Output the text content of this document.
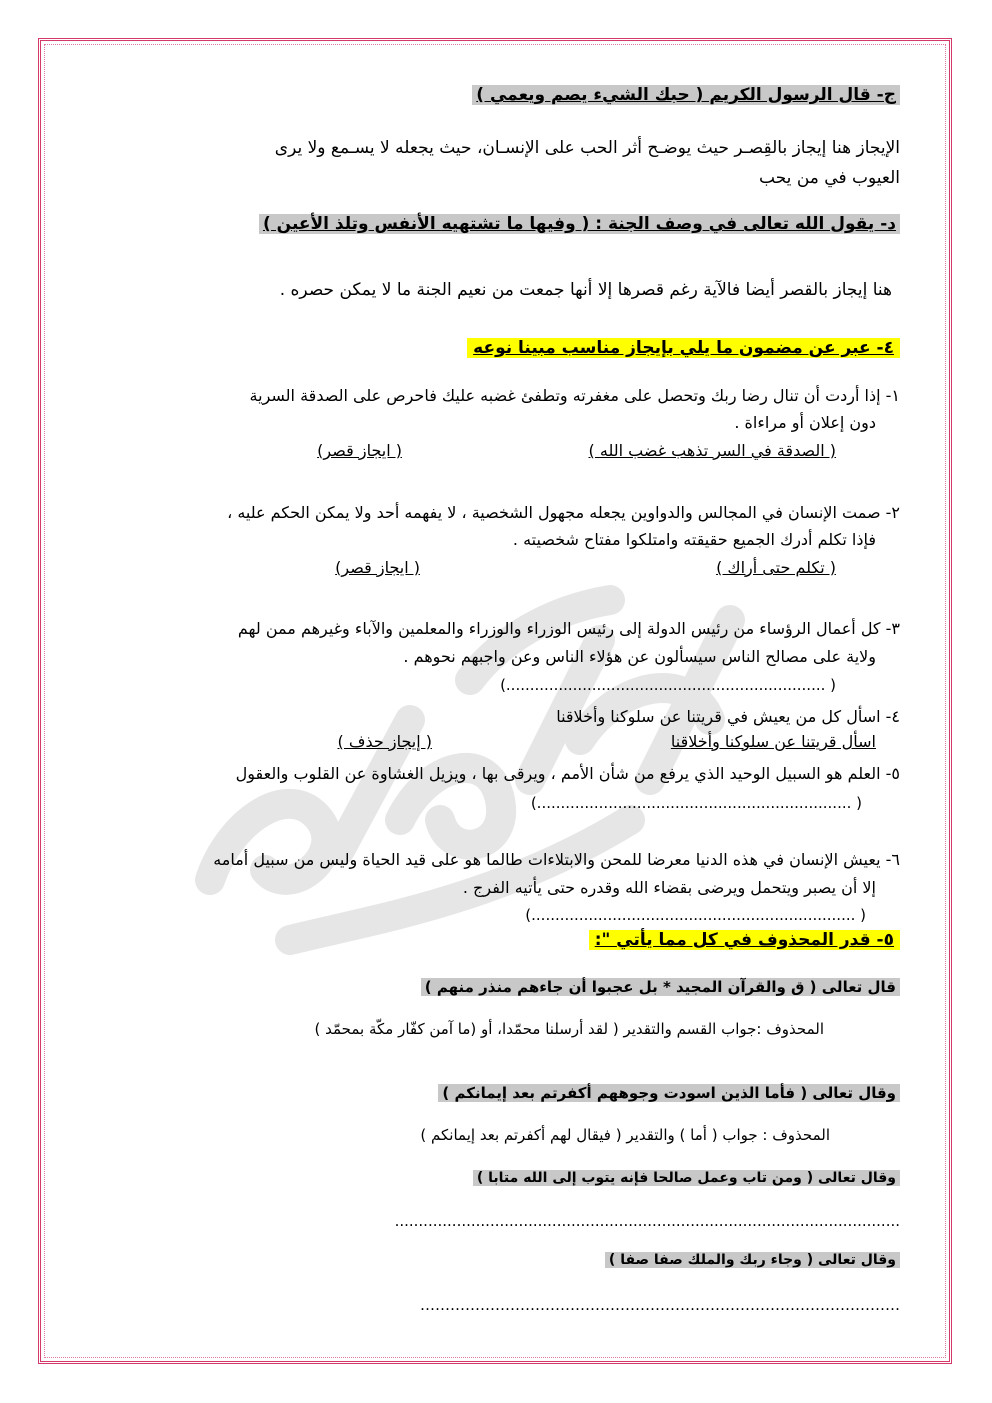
ج- قال الرسول الكريم ( حبك الشيء يصم ويعمي )
الإيجاز هنا إيجاز بالقِصـر حيث يوضـح أثر الحب على الإنسـان، حيث يجعله لا يسـمع ولا يرى
العيوب في من يحب
د- يقول الله تعالى في وصف الجنة : ( وفيها ما تشتهيه الأنفس وتلذ الأعين )
هنا إيجاز بالقصر أيضا فالآية رغم قصرها إلا أنها جمعت من نعيم الجنة ما لا يمكن حصره .
٤- عبر عن مضمون ما يلي بإيجاز مناسب مبينا نوعه
١- إذا أردت أن تنال رضا ربك وتحصل على مغفرته وتطفئ غضبه عليك فاحرص على الصدقة السرية
دون إعلان أو مراءاة .
( الصدقة في السر تذهب غضب الله )
( ايجاز قصر)
٢- صمت الإنسان في المجالس والدواوين يجعله مجهول الشخصية ، لا يفهمه أحد ولا يمكن الحكم عليه ،
فإذا تكلم أدرك الجميع حقيقته وامتلكوا مفتاح شخصيته .
( تكلم حتى أراك )
( ايجاز قصر)
٣- كل أعمال الرؤساء من رئيس الدولة إلى رئيس الوزراء والوزراء والمعلمين والآباء وغيرهم ممن لهم
ولاية على مصالح الناس سيسألون عن هؤلاء الناس وعن واجبهم نحوهم .
( ...................................................................)
٤- اسأل كل من يعيش في قريتنا عن سلوكنا وأخلاقنا
اسأل قريتنا عن سلوكنا وأخلاقنا
( إيجاز حذف )
٥- العلم هو السبيل الوحيد الذي يرفع من شأن الأمم ، ويرقى بها ، ويزيل الغشاوة عن القلوب والعقول
( ..................................................................)
٦- يعيش الإنسان في هذه الدنيا معرضا للمحن والابتلاءات طالما هو على قيد الحياة وليس من سبيل أمامه
إلا أن يصبر ويتحمل ويرضى بقضاء الله وقدره حتى يأتيه الفرج .
( ....................................................................)
٥- قدر المحذوف في كل مما يأتي ":
قال تعالى ( ق والقرآن المجيد * بل عجبوا أن جاءهم منذر منهم )
المحذوف :جواب القسم والتقدير ( لقد أرسلنا محمّدا، أو (ما آمن كفّار مكّة بمحمّد )
وقال تعالى ( فأما الذين اسودت وجوههم أكفرتم بعد إيمانكم )
المحذوف : جواب ( أما ) والتقدير ( فيقال لهم أكفرتم بعد إيمانكم )
وقال تعالى ( ومن تاب وعمل صالحا فإنه يتوب إلى الله متابا )
..........................................................................................................
وقال تعالى ( وجاء ربك والملك صفا صفا )
……………………………………………………………………………………
